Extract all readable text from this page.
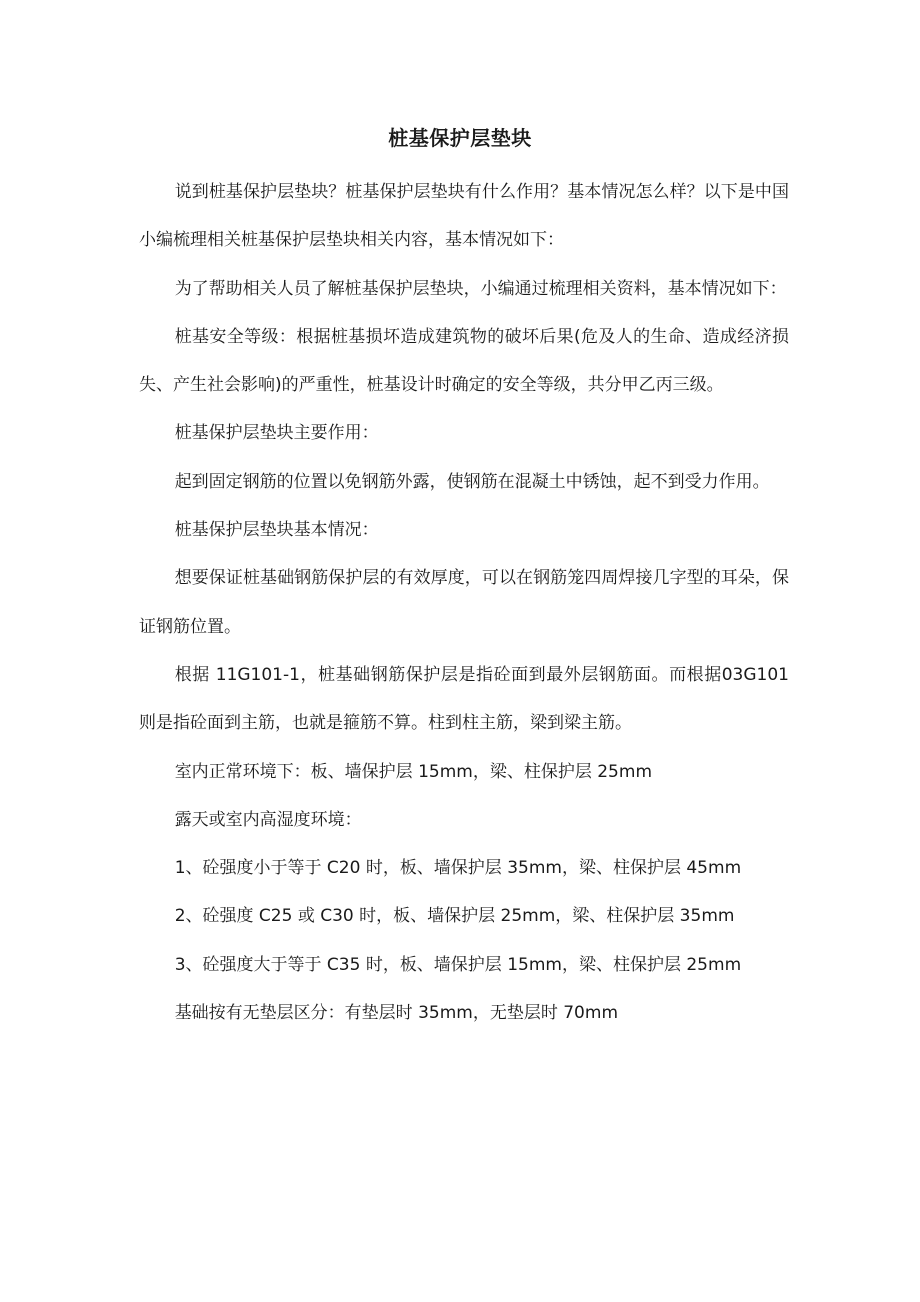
桩基保护层垫块

说到桩基保护层垫块？桩基保护层垫块有什么作用？基本情况怎么样？以下是中国小编梳理相关桩基保护层垫块相关内容，基本情况如下：

为了帮助相关人员了解桩基保护层垫块，小编通过梳理相关资料，基本情况如下：

桩基安全等级：根据桩基损坏造成建筑物的破坏后果(危及人的生命、造成经济损失、产生社会影响)的严重性，桩基设计时确定的安全等级，共分甲乙丙三级。

桩基保护层垫块主要作用：

起到固定钢筋的位置以免钢筋外露，使钢筋在混凝土中锈蚀，起不到受力作用。

桩基保护层垫块基本情况：

想要保证桩基础钢筋保护层的有效厚度，可以在钢筋笼四周焊接几字型的耳朵，保证钢筋位置。

根据 11G101-1，桩基础钢筋保护层是指砼面到最外层钢筋面。而根据03G101 则是指砼面到主筋，也就是箍筋不算。柱到柱主筋，梁到梁主筋。

室内正常环境下：板、墙保护层 15mm，梁、柱保护层 25mm

露天或室内高湿度环境：

1、砼强度小于等于 C20 时，板、墙保护层 35mm，梁、柱保护层 45mm

2、砼强度 C25 或 C30 时，板、墙保护层 25mm，梁、柱保护层 35mm

3、砼强度大于等于 C35 时，板、墙保护层 15mm，梁、柱保护层 25mm

基础按有无垫层区分：有垫层时 35mm，无垫层时 70mm
